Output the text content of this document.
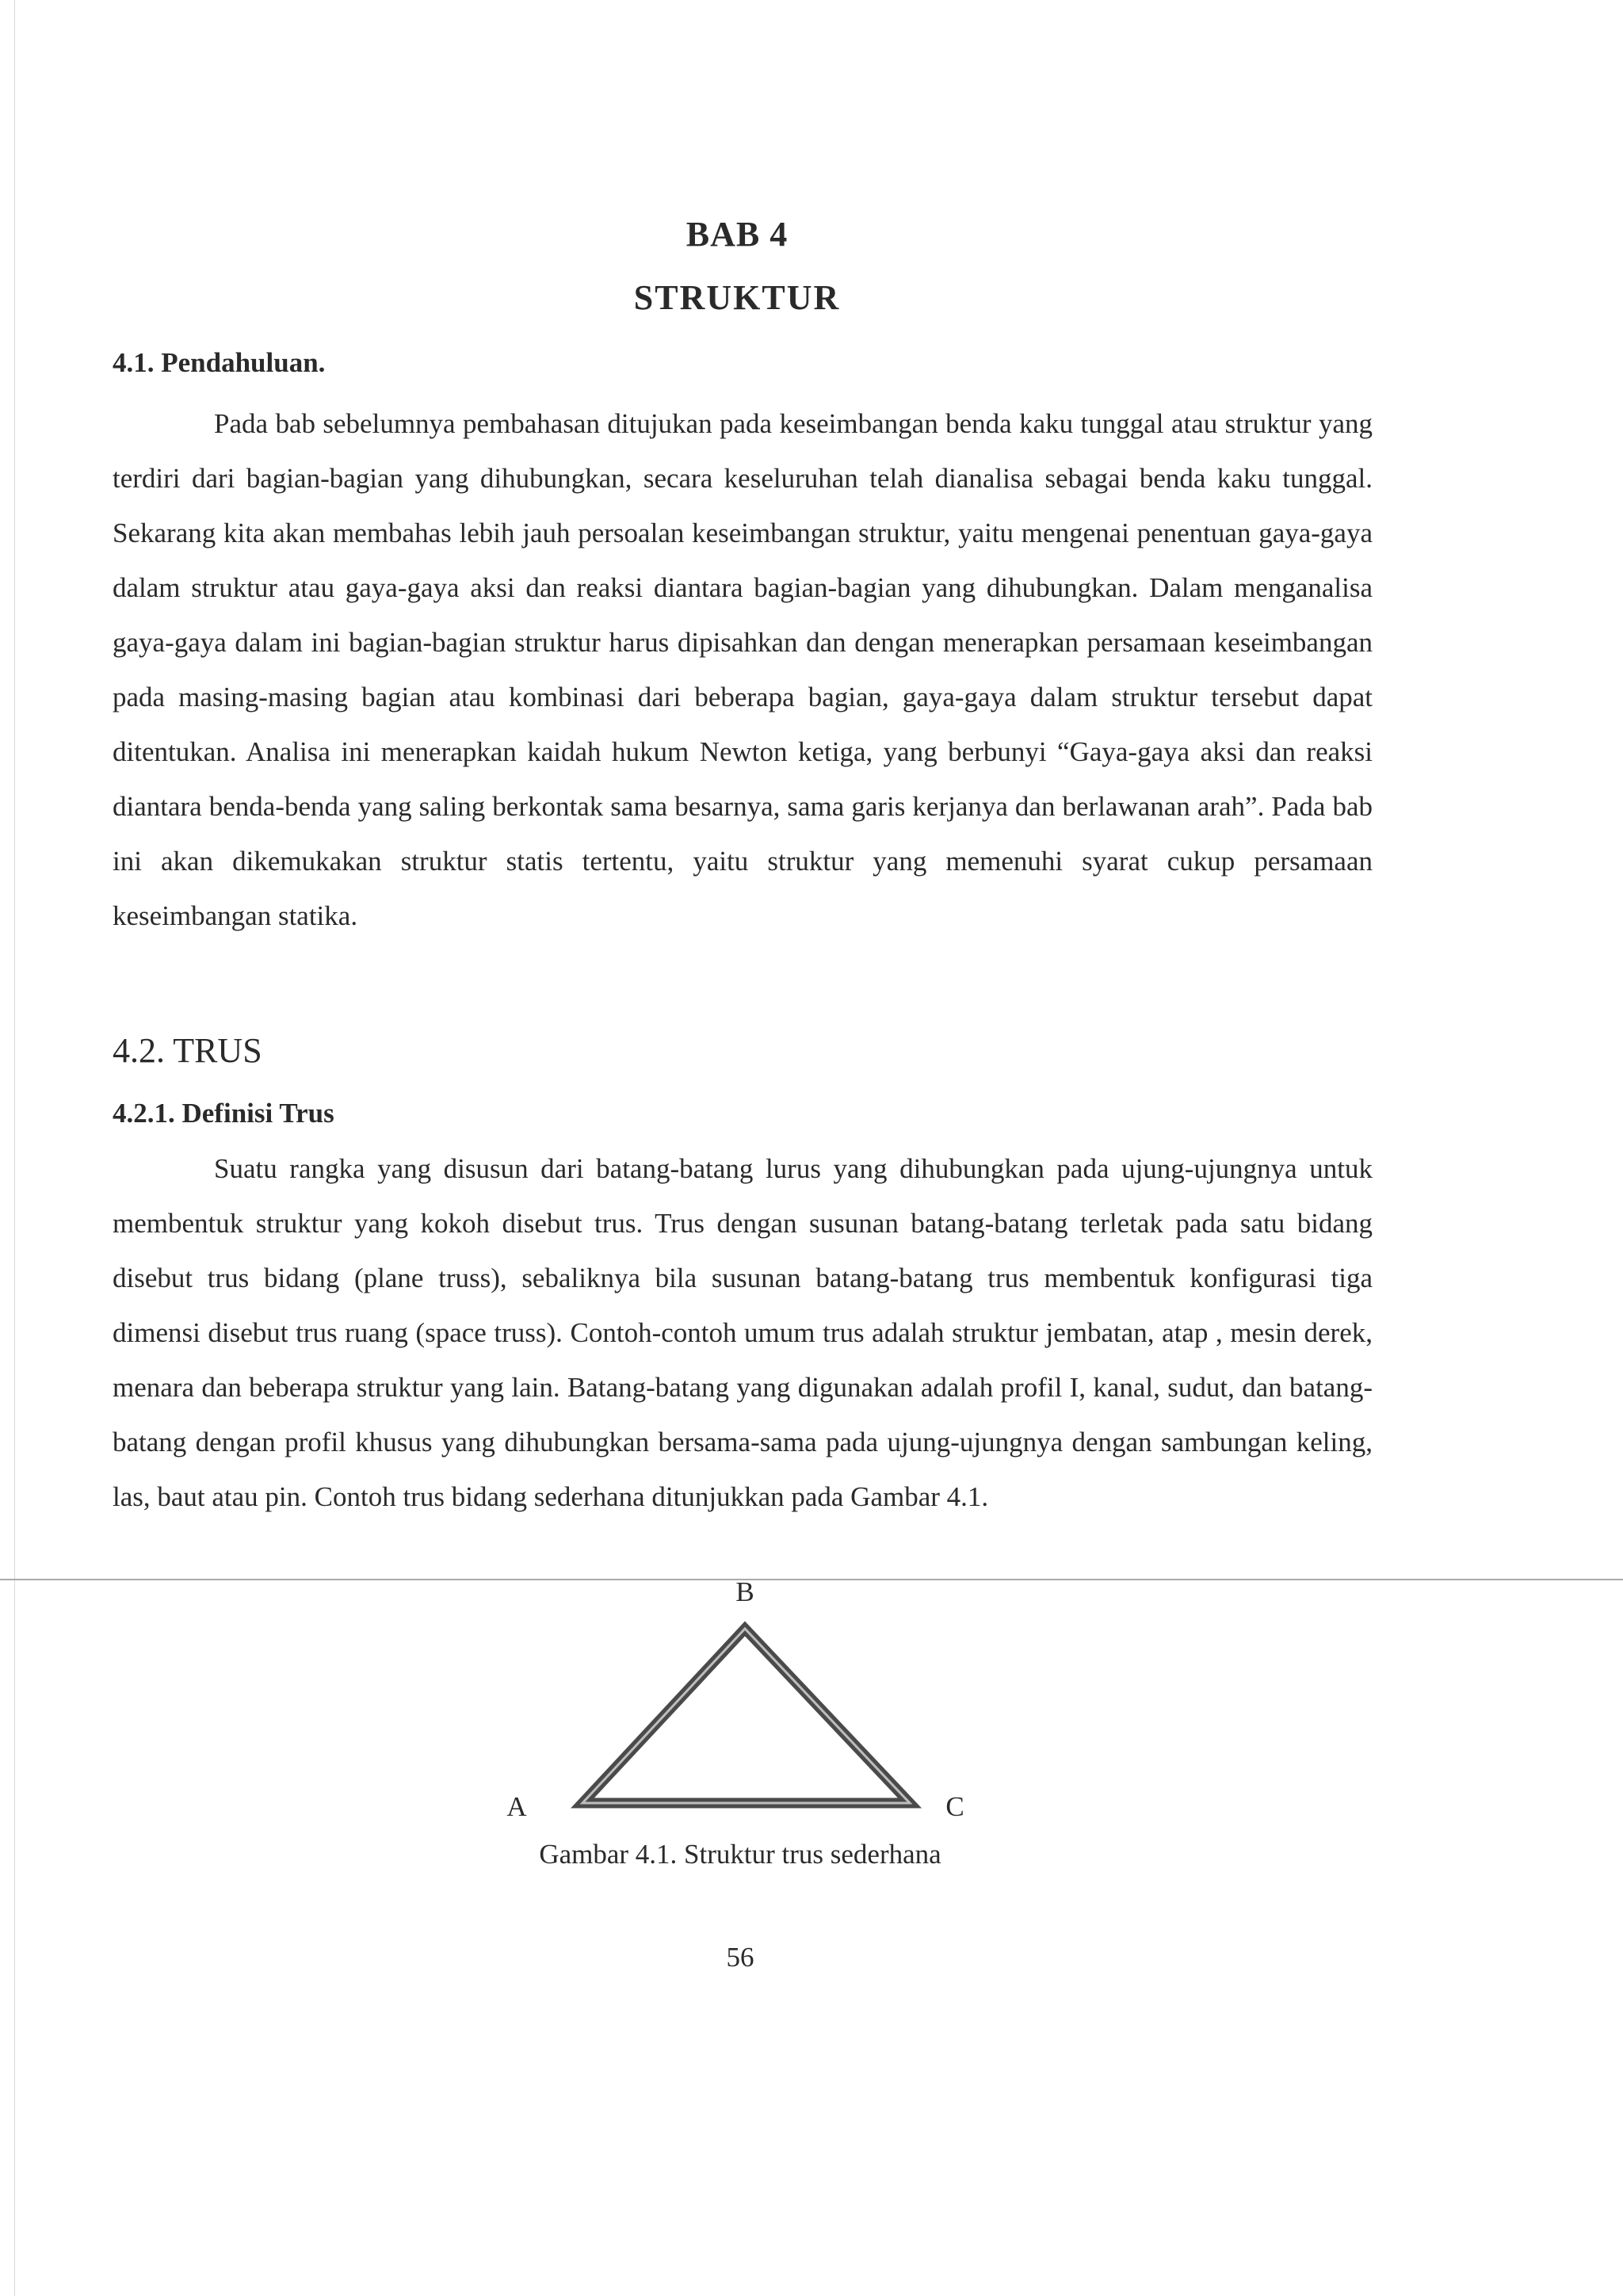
BAB 4
STRUKTUR
4.1. Pendahuluan.

Pada bab sebelumnya pembahasan ditujukan pada keseimbangan benda kaku tunggal atau struktur yang terdiri dari bagian-bagian yang dihubungkan, secara keseluruhan telah dianalisa sebagai benda kaku tunggal. Sekarang kita akan membahas lebih jauh persoalan keseimbangan struktur, yaitu mengenai penentuan gaya-gaya dalam struktur atau gaya-gaya aksi dan reaksi diantara bagian-bagian yang dihubungkan. Dalam menganalisa gaya-gaya dalam ini bagian-bagian struktur harus dipisahkan dan dengan menerapkan persamaan keseimbangan pada masing-masing bagian atau kombinasi dari beberapa bagian, gaya-gaya dalam struktur tersebut dapat ditentukan. Analisa ini menerapkan kaidah hukum Newton ketiga, yang berbunyi “Gaya-gaya aksi dan reaksi diantara benda-benda yang saling berkontak sama besarnya, sama garis kerjanya dan berlawanan arah”. Pada bab ini akan dikemukakan struktur statis tertentu, yaitu struktur yang memenuhi syarat cukup persamaan keseimbangan statika.

4.2. TRUS
4.2.1. Definisi Trus

Suatu rangka yang disusun dari batang-batang lurus yang dihubungkan pada ujung-ujungnya untuk membentuk struktur yang kokoh disebut trus. Trus dengan susunan batang-batang terletak pada satu bidang disebut trus bidang (plane truss), sebaliknya bila susunan batang-batang trus membentuk konfigurasi tiga dimensi disebut trus ruang (space truss). Contoh-contoh umum trus adalah struktur jembatan, atap , mesin derek, menara dan beberapa struktur yang lain. Batang-batang yang digunakan adalah profil I, kanal, sudut, dan batang-batang dengan profil khusus yang dihubungkan bersama-sama pada ujung-ujungnya dengan sambungan keling, las, baut atau pin. Contoh trus bidang sederhana ditunjukkan pada Gambar 4.1.

B
A	C
Gambar 4.1. Struktur trus sederhana
56
